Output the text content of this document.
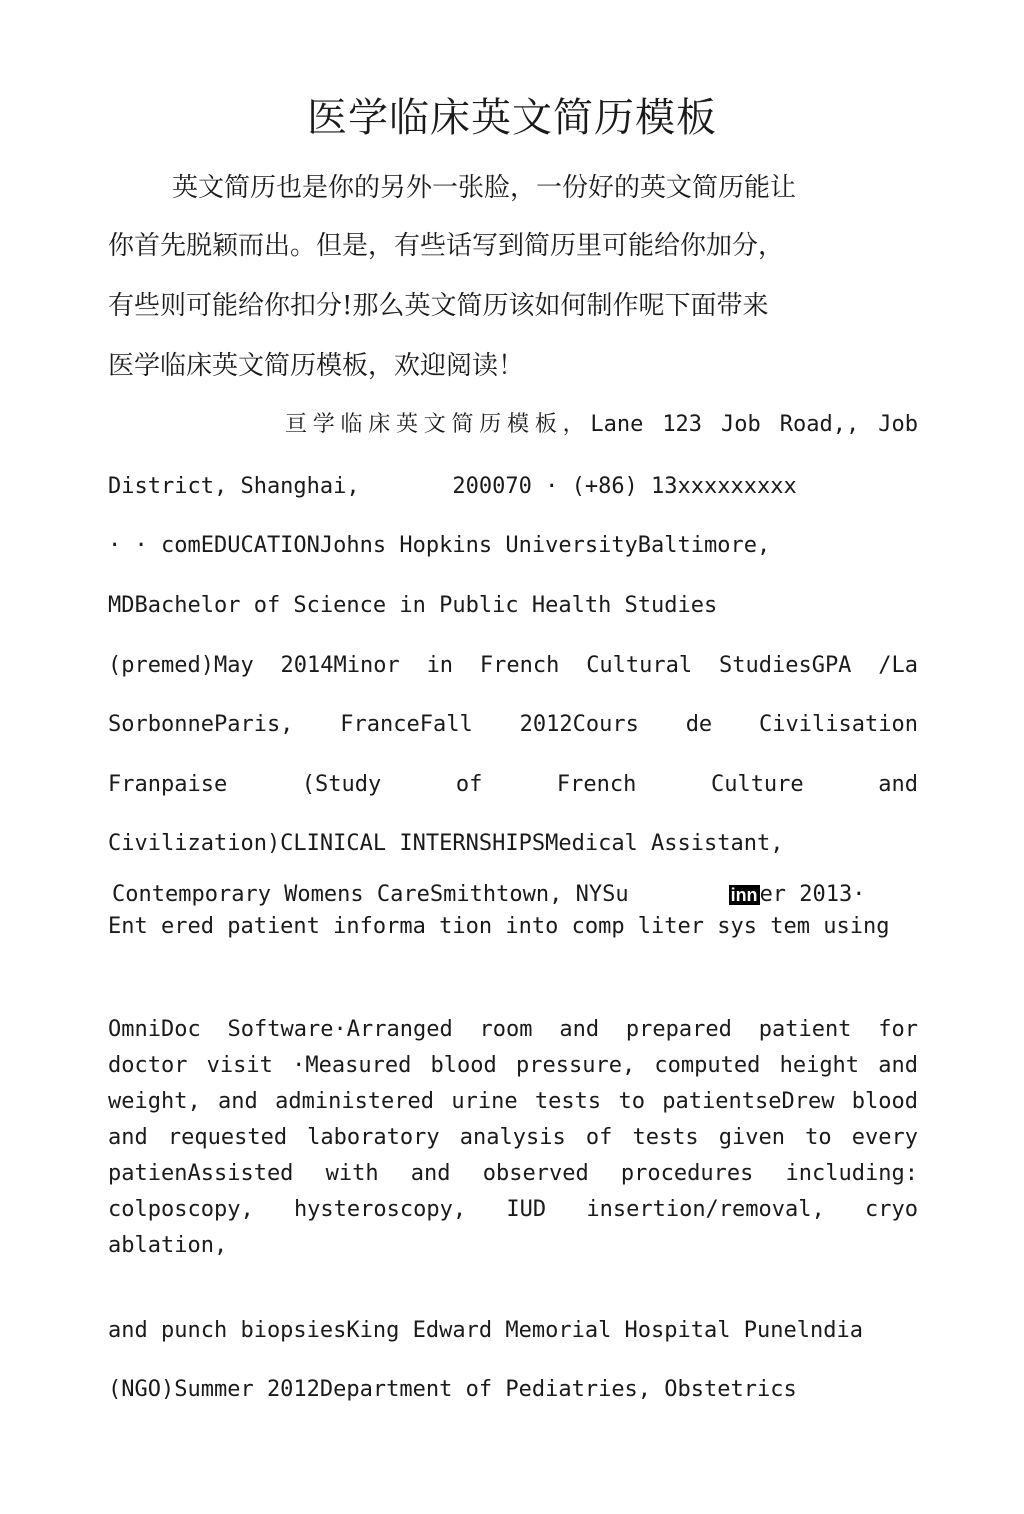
医学临床英文简历模板
英文简历也是你的另外一张脸，一份好的英文简历能让
你首先脱颖而出。但是，有些话写到简历里可能给你加分，
有些则可能给你扣分!那么英文简历该如何制作呢下面带来
医学临床英文简历模板，欢迎阅读！
亘学临床英文简历模板，Lane 123 Job Road,, Job
District, Shanghai,       200070 · (+86) 13xxxxxxxxx
· · comEDUCATIONJohns Hopkins UniversityBaltimore,
MDBachelor of Science in Public Health Studies
(premed)May 2014Minor in French Cultural StudiesGPA /La
SorbonneParis, FranceFall 2012Cours de Civilisation
Franpaise (Study of French Culture and
Civilization)CLINICAL INTERNSHIPSMedical Assistant,
Contemporary Womens CareSmithtown, NYSu	inner 2013·
Ent ered patient informa tion into comp liter sys tem using
OmniDoc Software·Arranged room and prepared patient for doctor visit ·Measured blood pressure, computed height and weight, and administered urine tests to patientseDrew blood and requested laboratory analysis of tests given to every patienAssisted with and observed procedures including: colposcopy, hysteroscopy, IUD insertion/removal, cryo ablation,
and punch biopsiesKing Edward Memorial Hospital Punelndia
(NGO)Summer 2012Department of Pediatries, Obstetrics
